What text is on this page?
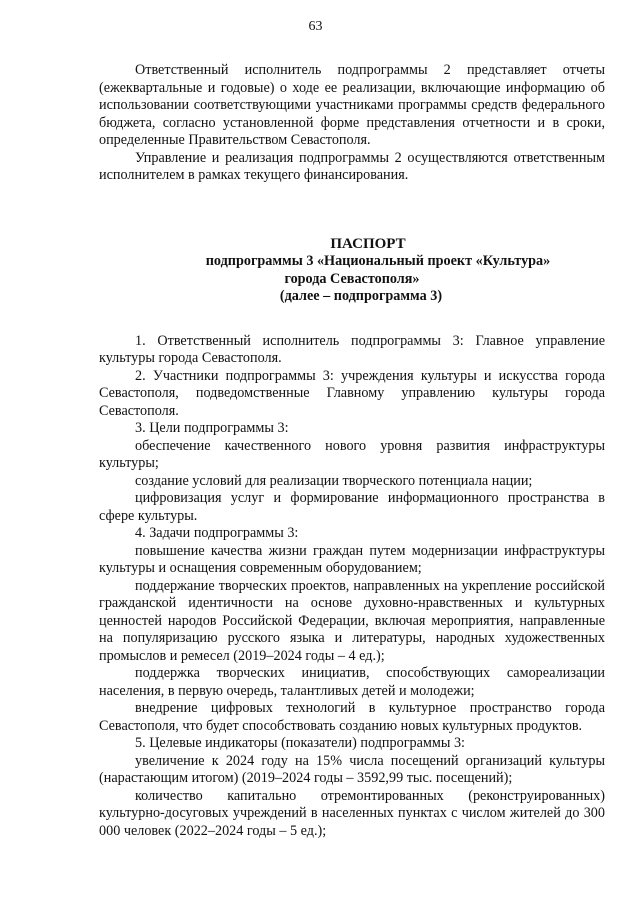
63

Ответственный исполнитель подпрограммы 2 представляет отчеты (ежеквартальные и годовые) о ходе ее реализации, включающие информацию об использовании соответствующими участниками программы средств федерального бюджета, согласно установленной форме представления отчетности и в сроки, определенные Правительством Севастополя.

Управление и реализация подпрограммы 2 осуществляются ответственным исполнителем в рамках текущего финансирования.

ПАСПОРТ
подпрограммы 3 «Национальный проект «Культура»
города Севастополя»
(далее – подпрограмма 3)

1. Ответственный исполнитель подпрограммы 3: Главное управление культуры города Севастополя.

2. Участники подпрограммы 3: учреждения культуры и искусства города Севастополя, подведомственные Главному управлению культуры города Севастополя.

3. Цели подпрограммы 3:

обеспечение качественного нового уровня развития инфраструктуры культуры;

создание условий для реализации творческого потенциала нации;

цифровизация услуг и формирование информационного пространства в сфере культуры.

4. Задачи подпрограммы 3:

повышение качества жизни граждан путем модернизации инфраструктуры культуры и оснащения современным оборудованием;

поддержание творческих проектов, направленных на укрепление российской гражданской идентичности на основе духовно-нравственных и культурных ценностей народов Российской Федерации, включая мероприятия, направленные на популяризацию русского языка и литературы, народных художественных промыслов и ремесел (2019–2024 годы – 4 ед.);

поддержка творческих инициатив, способствующих самореализации населения, в первую очередь, талантливых детей и молодежи;

внедрение цифровых технологий в культурное пространство города Севастополя, что будет способствовать созданию новых культурных продуктов.

5. Целевые индикаторы (показатели) подпрограммы 3:

увеличение к 2024 году на 15% числа посещений организаций культуры (нарастающим итогом) (2019–2024 годы – 3592,99 тыс. посещений);

количество капитально отремонтированных (реконструированных) культурно-досуговых учреждений в населенных пунктах с числом жителей до 300 000 человек (2022–2024 годы – 5 ед.);
